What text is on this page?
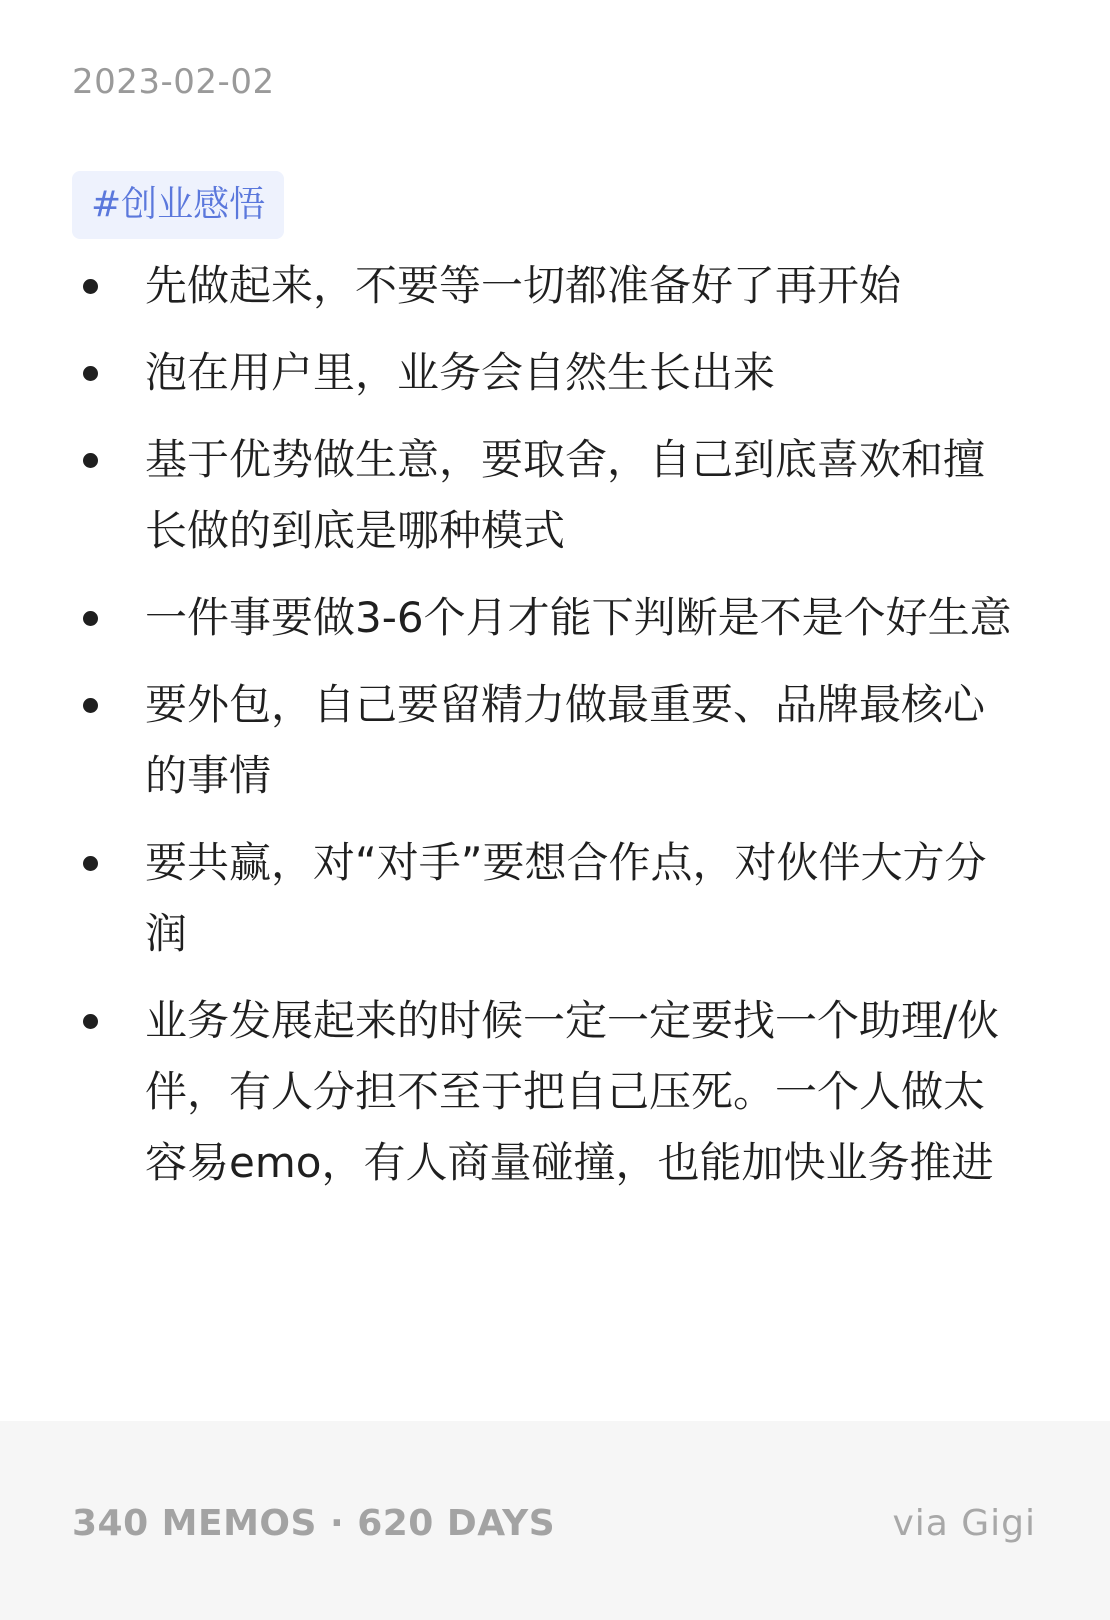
2023-02-02
#创业感悟
先做起来，不要等一切都准备好了再开始
泡在用户里，业务会自然生长出来
基于优势做生意，要取舍，自己到底喜欢和擅长做的到底是哪种模式
一件事要做3-6个月才能下判断是不是个好生意
要外包，自己要留精力做最重要、品牌最核心的事情
要共赢，对“对手”要想合作点，对伙伴大方分润
业务发展起来的时候一定一定要找一个助理/伙伴，有人分担不至于把自己压死。一个人做太容易emo，有人商量碰撞，也能加快业务推进
340 MEMOS · 620 DAYS	via Gigi
